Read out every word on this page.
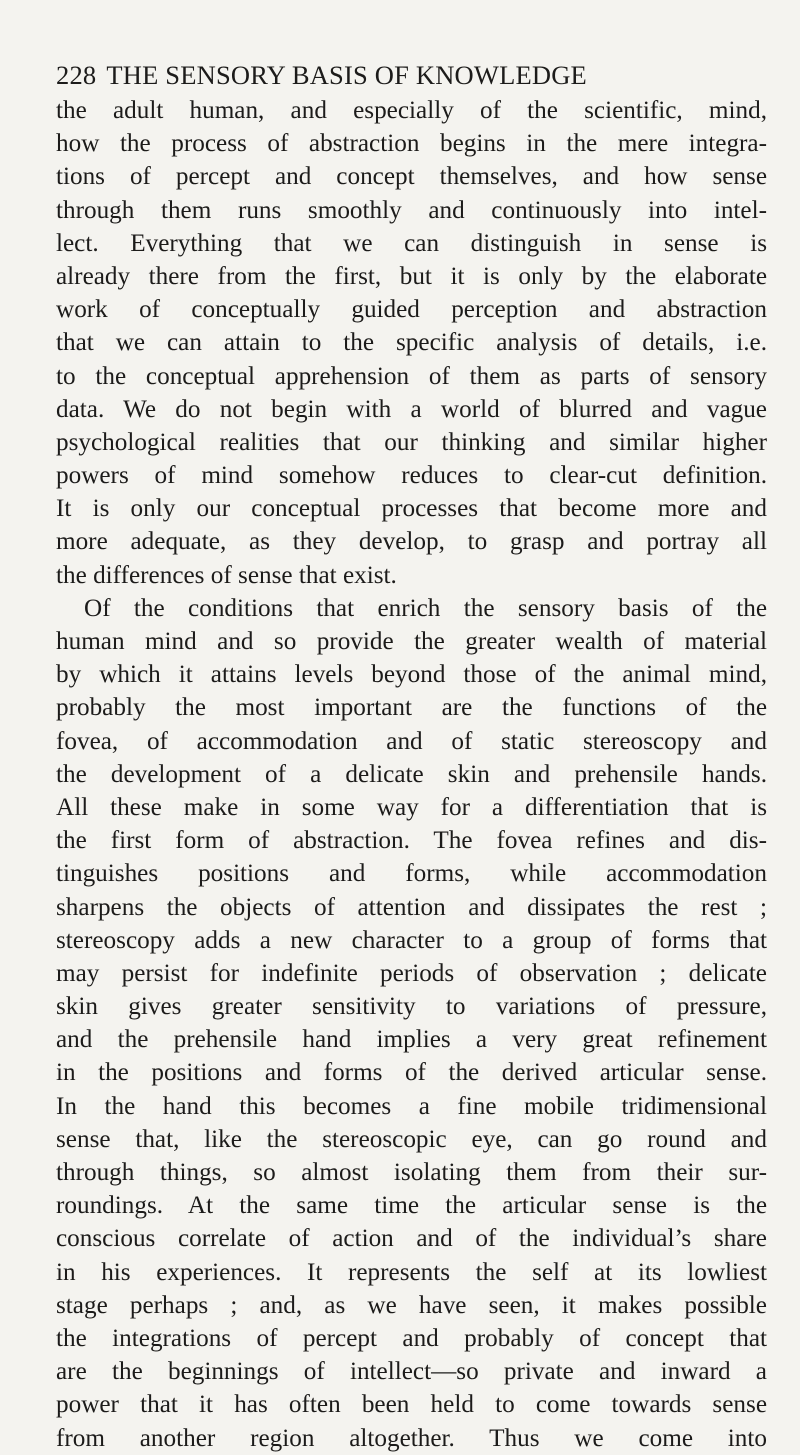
228 THE SENSORY BASIS OF KNOWLEDGE
the adult human, and especially of the scientific, mind,
how the process of abstraction begins in the mere integra-
tions of percept and concept themselves, and how sense
through them runs smoothly and continuously into intel-
lect. Everything that we can distinguish in sense is
already there from the first, but it is only by the elaborate
work of conceptually guided perception and abstraction
that we can attain to the specific analysis of details, i.e.
to the conceptual apprehension of them as parts of sensory
data. We do not begin with a world of blurred and vague
psychological realities that our thinking and similar higher
powers of mind somehow reduces to clear-cut definition.
It is only our conceptual processes that become more and
more adequate, as they develop, to grasp and portray all
the differences of sense that exist.
Of the conditions that enrich the sensory basis of the
human mind and so provide the greater wealth of material
by which it attains levels beyond those of the animal mind,
probably the most important are the functions of the
fovea, of accommodation and of static stereoscopy and
the development of a delicate skin and prehensile hands.
All these make in some way for a differentiation that is
the first form of abstraction. The fovea refines and dis-
tinguishes positions and forms, while accommodation
sharpens the objects of attention and dissipates the rest ;
stereoscopy adds a new character to a group of forms that
may persist for indefinite periods of observation ; delicate
skin gives greater sensitivity to variations of pressure,
and the prehensile hand implies a very great refinement
in the positions and forms of the derived articular sense.
In the hand this becomes a fine mobile tridimensional
sense that, like the stereoscopic eye, can go round and
through things, so almost isolating them from their sur-
roundings. At the same time the articular sense is the
conscious correlate of action and of the individual’s share
in his experiences. It represents the self at its lowliest
stage perhaps ; and, as we have seen, it makes possible
the integrations of percept and probably of concept that
are the beginnings of intellect—so private and inward a
power that it has often been held to come towards sense
from another region altogether. Thus we come into
